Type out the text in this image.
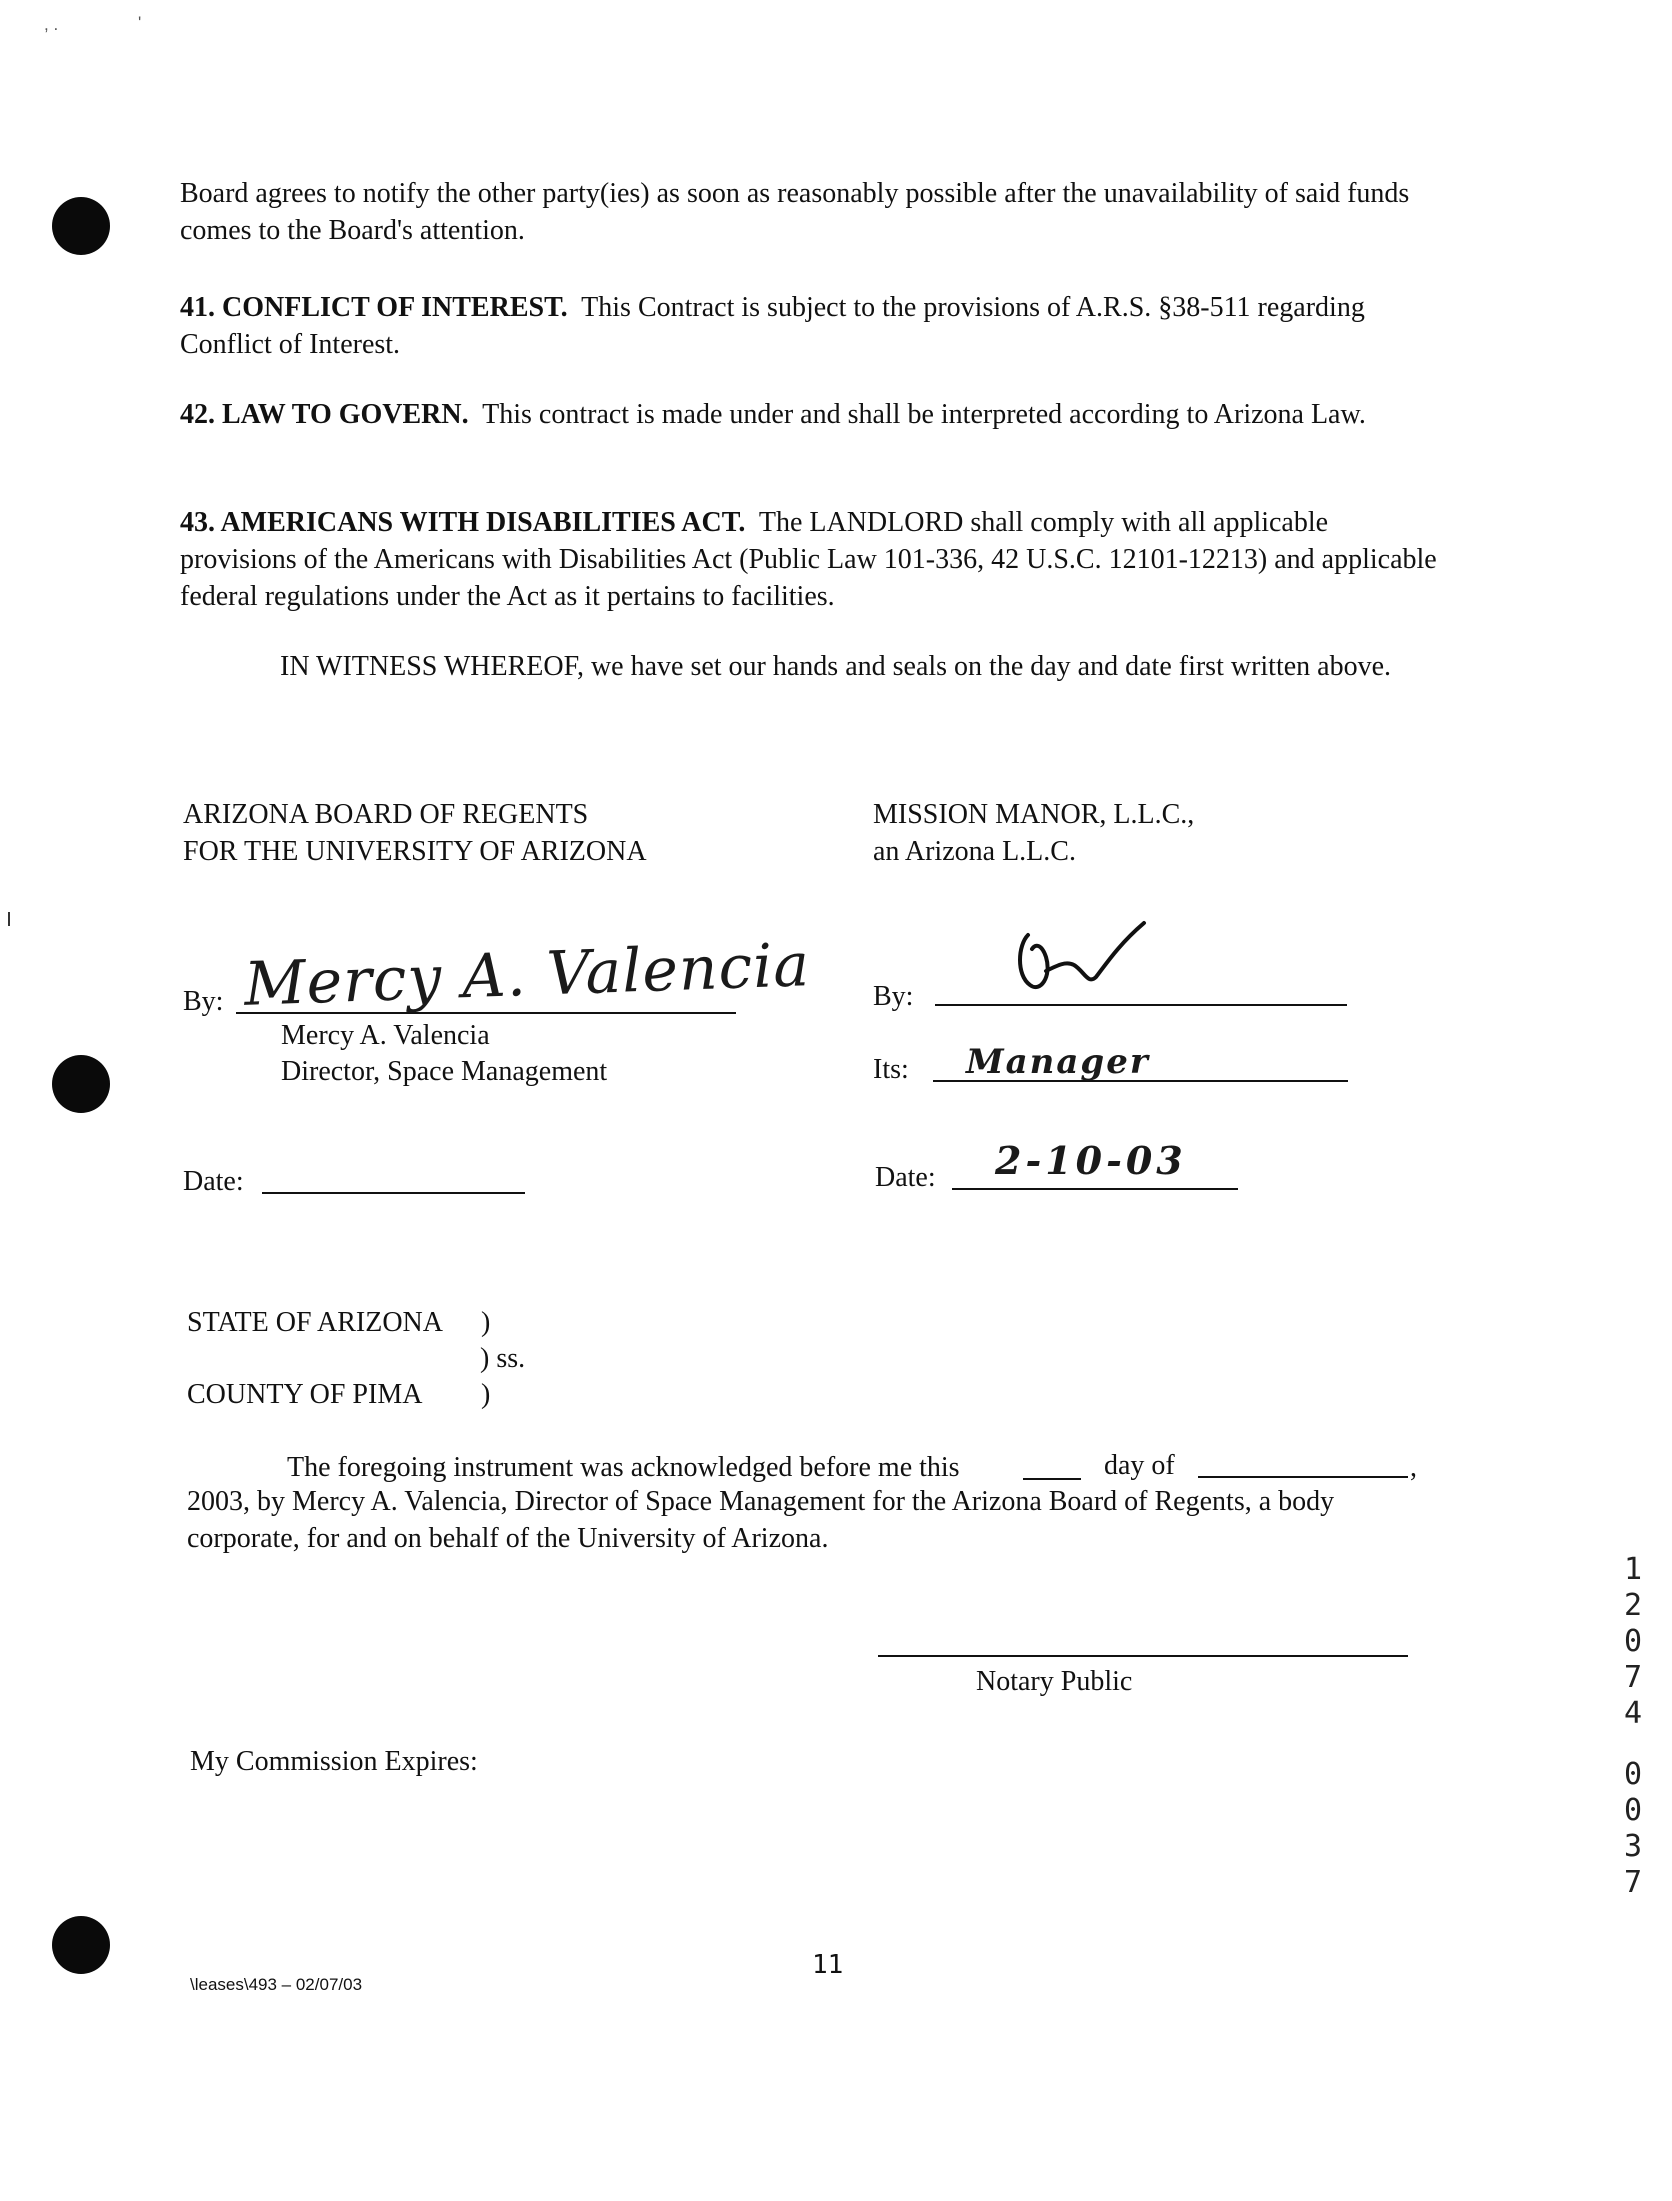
, .	'
Board agrees to notify the other party(ies) as soon as reasonably possible after the unavailability of said funds comes to the Board's attention.
41. CONFLICT OF INTEREST. This Contract is subject to the provisions of A.R.S. §38-511 regarding Conflict of Interest.
42. LAW TO GOVERN. This contract is made under and shall be interpreted according to Arizona Law.
43. AMERICANS WITH DISABILITIES ACT. The LANDLORD shall comply with all applicable provisions of the Americans with Disabilities Act (Public Law 101-336, 42 U.S.C. 12101-12213) and applicable federal regulations under the Act as it pertains to facilities.
IN WITNESS WHEREOF, we have set our hands and seals on the day and date first written above.
ARIZONA BOARD OF REGENTS
FOR THE UNIVERSITY OF ARIZONA
By: Mercy A. Valencia
Mercy A. Valencia
Director, Space Management
Date:
MISSION MANOR, L.L.C.,
an Arizona L.L.C.
By:
Its: Manager
Date: 2-10-03
STATE OF ARIZONA )
) ss.
COUNTY OF PIMA )
The foregoing instrument was acknowledged before me this	day of	,
2003, by Mercy A. Valencia, Director of Space Management for the Arizona Board of Regents, a body corporate, for and on behalf of the University of Arizona.
Notary Public
My Commission Expires:
\leases\493 – 02/07/03
11
1
2
0
7
4
0
0
3
7
